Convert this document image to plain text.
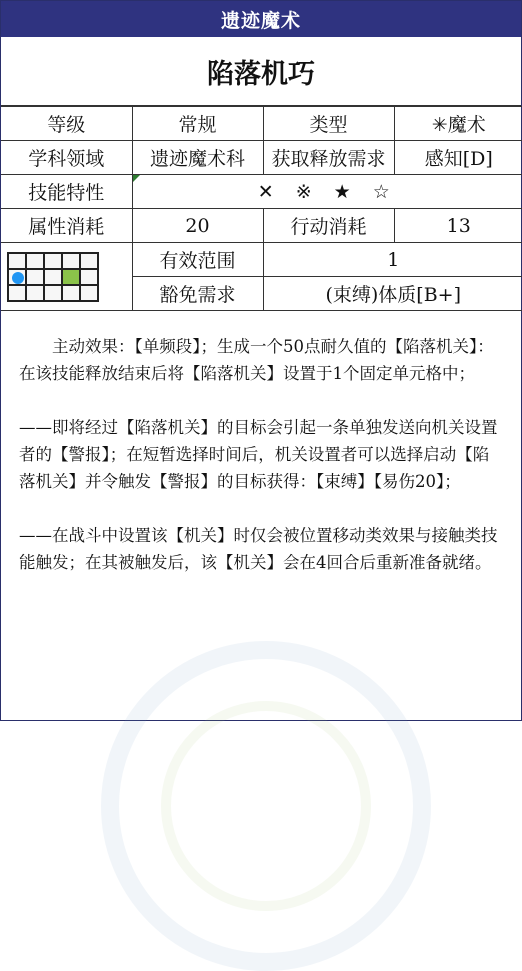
遗迹魔术
陷落机巧
等级	常规	类型	✳魔术
学科领域	遗迹魔术科	获取释放需求	感知[D]
技能特性	✕ ※ ★ ☆		
属性消耗	20	行动消耗	13

	有效范围	1	
	豁免需求	(束缚)体质[B+]	

主动效果：【单频段】；生成一个50点耐久值的【陷落机关】：在该技能释放结束后将【陷落机关】设置于1个固定单元格中；

——即将经过【陷落机关】的目标会引起一条单独发送向机关设置者的【警报】；在短暂选择时间后，机关设置者可以选择启动【陷落机关】并令触发【警报】的目标获得：【束缚】【易伤20】；

——在战斗中设置该【机关】时仅会被位置移动类效果与接触类技能触发；在其被触发后，该【机关】会在4回合后重新准备就绪。
